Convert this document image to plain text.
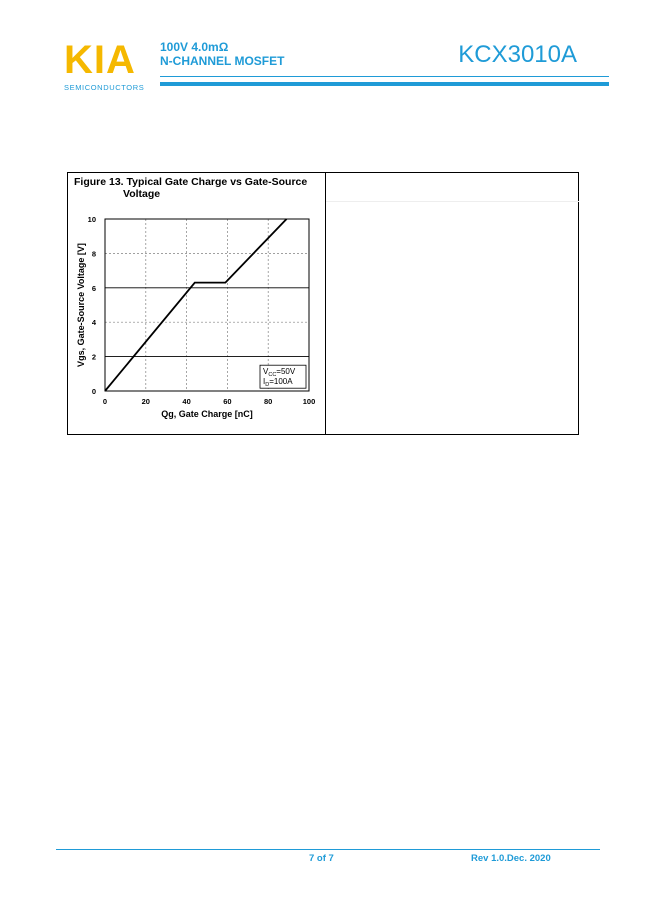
KIA
SEMICONDUCTORS
100V 4.0mΩ
N-CHANNEL MOSFET	KCX3010A
Figure 13. Typical Gate Charge vs Gate-Source
Voltage
0
2
4
6
8
10
0	20	40	60	80	100
Qg, Gate Charge [nC]
Vgs, Gate-Source Voltage [V]
$V_{CC}=50V$
$I_D=100A$
7 of 7	Rev 1.0.Dec. 2020
